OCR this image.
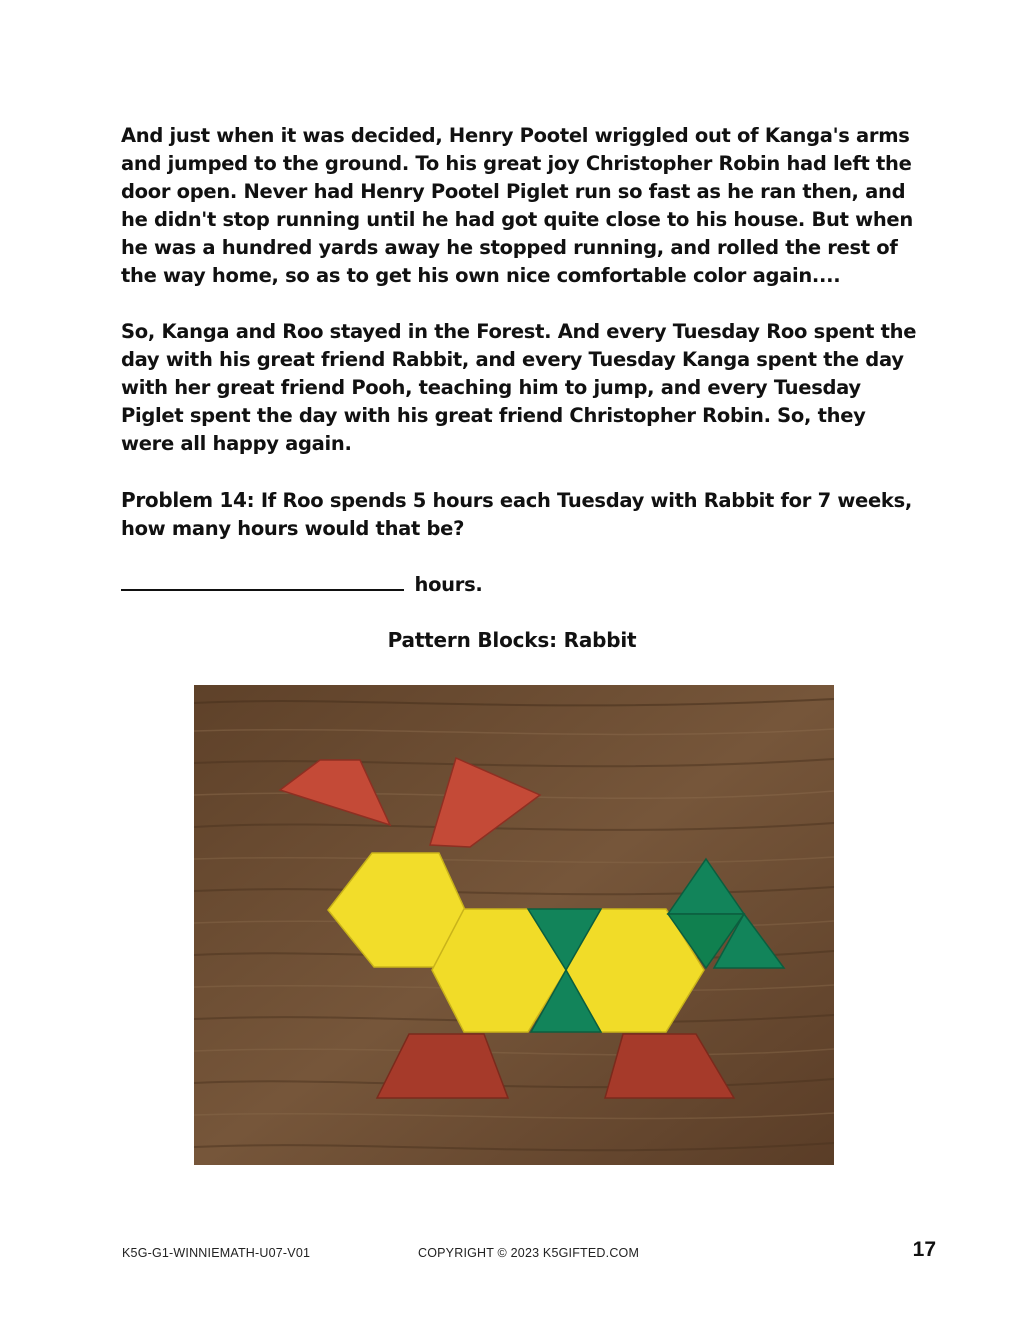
And just when it was decided, Henry Pootel wriggled out of Kanga's arms and jumped to the ground. To his great joy Christopher Robin had left the door open. Never had Henry Pootel Piglet run so fast as he ran then, and he didn't stop running until he had got quite close to his house. But when he was a hundred yards away he stopped running, and rolled the rest of the way home, so as to get his own nice comfortable color again....

So, Kanga and Roo stayed in the Forest. And every Tuesday Roo spent the day with his great friend Rabbit, and every Tuesday Kanga spent the day with her great friend Pooh, teaching him to jump, and every Tuesday Piglet spent the day with his great friend Christopher Robin. So, they were all happy again.

Problem 14: If Roo spends 5 hours each Tuesday with Rabbit for 7 weeks, how many hours would that be?

hours.
Pattern Blocks: Rabbit
K5G-G1-WINNIEMATH-U07-V01	COPYRIGHT © 2023 K5GIFTED.COM	17
